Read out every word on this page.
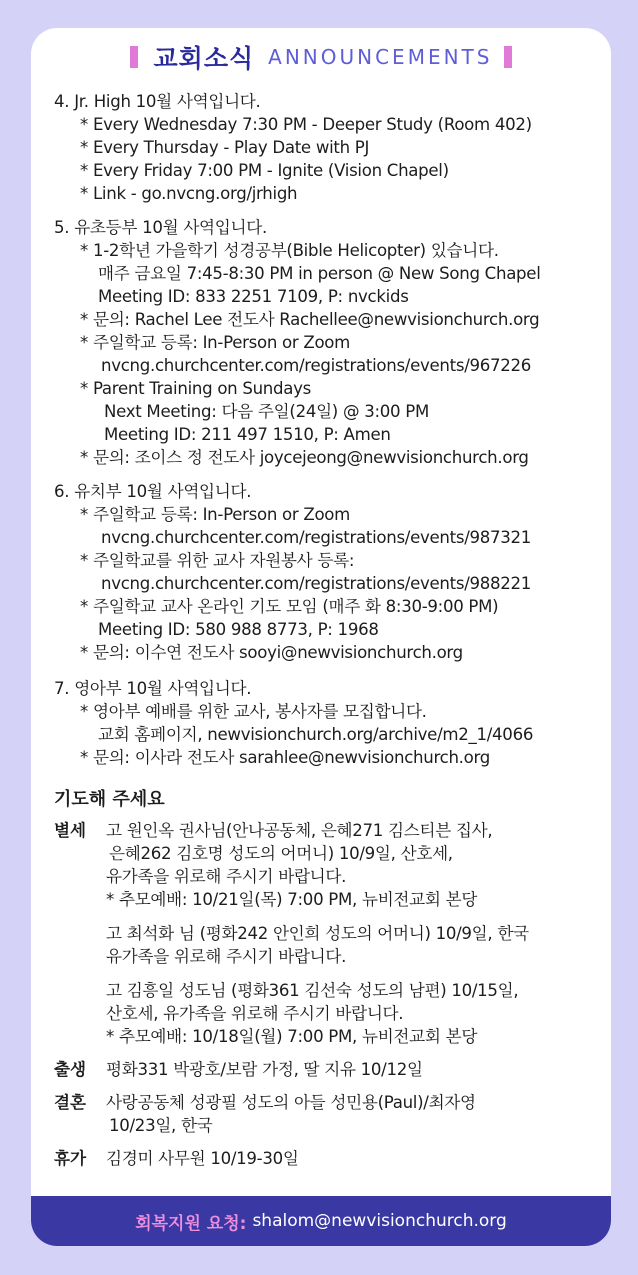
교회소식 ANNOUNCEMENTS
4. Jr. High 10월 사역입니다.
* Every Wednesday 7:30 PM - Deeper Study (Room 402)
* Every Thursday - Play Date with PJ
* Every Friday 7:00 PM - Ignite (Vision Chapel)
* Link - go.nvcng.org/jrhigh
5. 유초등부 10월 사역입니다.
* 1-2학년 가을학기 성경공부(Bible Helicopter) 있습니다.
매주 금요일 7:45-8:30 PM in person @ New Song Chapel
Meeting ID: 833 2251 7109, P: nvckids
* 문의: Rachel Lee 전도사 Rachellee@newvisionchurch.org
* 주일학교 등록: In-Person or Zoom
nvcng.churchcenter.com/registrations/events/967226
* Parent Training on Sundays
Next Meeting: 다음 주일(24일) @ 3:00 PM
Meeting ID: 211 497 1510, P: Amen
* 문의: 조이스 정 전도사 joycejeong@newvisionchurch.org
6. 유치부 10월 사역입니다.
* 주일학교 등록: In-Person or Zoom
nvcng.churchcenter.com/registrations/events/987321
* 주일학교를 위한 교사 자원봉사 등록:
nvcng.churchcenter.com/registrations/events/988221
* 주일학교 교사 온라인 기도 모임 (매주 화 8:30-9:00 PM)
Meeting ID: 580 988 8773, P: 1968
* 문의: 이수연 전도사 sooyi@newvisionchurch.org
7. 영아부 10월 사역입니다.
* 영아부 예배를 위한 교사, 봉사자를 모집합니다.
교회 홈페이지, newvisionchurch.org/archive/m2_1/4066
* 문의: 이사라 전도사 sarahlee@newvisionchurch.org
기도해 주세요
별세	고 원인옥 권사님(안나공동체, 은혜271 김스티븐 집사,
은혜262 김호명 성도의 어머니) 10/9일, 산호세,
유가족을 위로해 주시기 바랍니다.
* 추모예배: 10/21일(목) 7:00 PM, 뉴비전교회 본당
고 최석화 님 (평화242 안인희 성도의 어머니) 10/9일, 한국
유가족을 위로해 주시기 바랍니다.
고 김흥일 성도님 (평화361 김선숙 성도의 남편) 10/15일,
산호세, 유가족을 위로해 주시기 바랍니다.
* 추모예배: 10/18일(월) 7:00 PM, 뉴비전교회 본당
출생	평화331 박광호/보람 가정, 딸 지유 10/12일
결혼	사랑공동체 성광필 성도의 아들 성민용(Paul)/최자영
10/23일, 한국
휴가	김경미 사무원 10/19-30일
회복지원 요청: shalom@newvisionchurch.org
